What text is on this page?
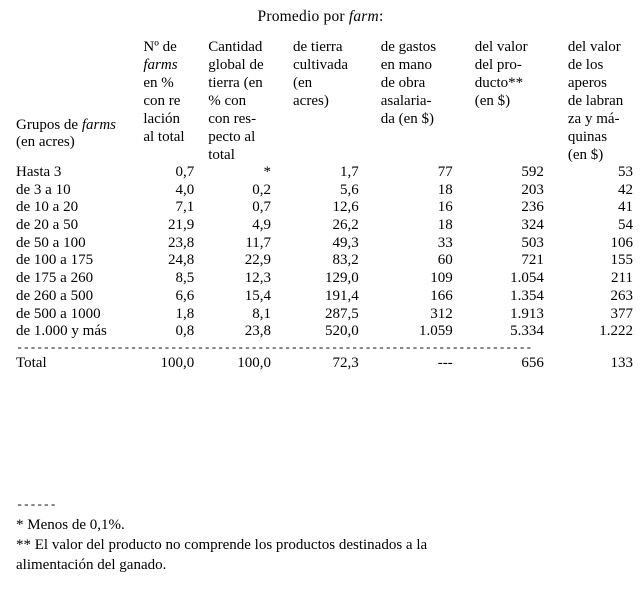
Promedio por farm:
Grupos de farms
(en acres)	Nº de
farms
en %
con re
lación
al total	Cantidad
global de
tierra (en
% con
con res-
pecto al
total	de tierra
cultivada
(en
acres)	de gastos
en mano
de obra
asalaria-
da (en $)	del valor
del pro-
ducto**
(en $)	del valor
de los
aperos
de labran
za y má-
quinas
(en $)
Hasta 3	0,7	*	1,7	77	592	53
de 3 a 10	4,0	0,2	5,6	18	203	42
de 10 a 20	7,1	0,7	12,6	16	236	41
de 20 a 50	21,9	4,9	26,2	18	324	54
de 50 a 100	23,8	11,7	49,3	33	503	106
de 100 a 175	24,8	22,9	83,2	60	721	155
de 175 a 260	8,5	12,3	129,0	109	1.054	211
de 260 a 500	6,6	15,4	191,4	166	1.354	263
de 500 a 1000	1,8	8,1	287,5	312	1.913	377
de 1.000 y más	0,8	23,8	520,0	1.059	5.334	1.222
-----------------------------------------------------------------------------						
Total	100,0	100,0	72,3	---	656	133
------

* Menos de 0,1%.

** El valor del producto no comprende los productos destinados a la

alimentación del ganado.
